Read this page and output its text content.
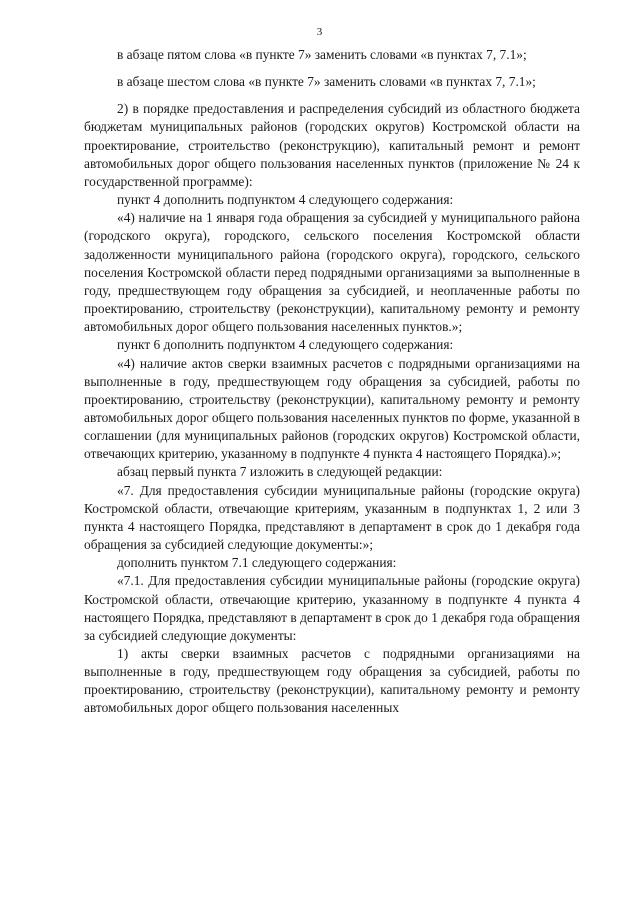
3

в абзаце пятом слова «в пункте 7» заменить словами «в пунктах 7, 7.1»;

в абзаце шестом слова «в пункте 7» заменить словами «в пунктах 7, 7.1»;

2) в порядке предоставления и распределения субсидий из областного бюджета бюджетам муниципальных районов (городских округов) Костромской области на проектирование, строительство (реконструкцию), капитальный ремонт и ремонт автомобильных дорог общего пользования населенных пунктов (приложение № 24 к государственной программе):

пункт 4 дополнить подпунктом 4 следующего содержания:

«4) наличие на 1 января года обращения за субсидией у муниципального района (городского округа), городского, сельского поселения Костромской области задолженности муниципального района (городского округа), городского, сельского поселения Костромской области перед подрядными организациями за выполненные в году, предшествующем году обращения за субсидией, и неоплаченные работы по проектированию, строительству (реконструкции), капитальному ремонту и ремонту автомобильных дорог общего пользования населенных пунктов.»;

пункт 6 дополнить подпунктом 4 следующего содержания:

«4) наличие актов сверки взаимных расчетов с подрядными организациями на выполненные в году, предшествующем году обращения за субсидией, работы по проектированию, строительству (реконструкции), капитальному ремонту и ремонту автомобильных дорог общего пользования населенных пунктов по форме, указанной в соглашении (для муниципальных районов (городских округов) Костромской области, отвечающих критерию, указанному в подпункте 4 пункта 4 настоящего Порядка).»;

абзац первый пункта 7 изложить в следующей редакции:

«7. Для предоставления субсидии муниципальные районы (городские округа) Костромской области, отвечающие критериям, указанным в подпунктах 1, 2 или 3 пункта 4 настоящего Порядка, представляют в департамент в срок до 1 декабря года обращения за субсидией следующие документы:»;

дополнить пунктом 7.1 следующего содержания:

«7.1. Для предоставления субсидии муниципальные районы (городские округа) Костромской области, отвечающие критерию, указанному в подпункте 4 пункта 4 настоящего Порядка, представляют в департамент в срок до 1 декабря года обращения за субсидией следующие документы:

1) акты сверки взаимных расчетов с подрядными организациями на выполненные в году, предшествующем году обращения за субсидией, работы по проектированию, строительству (реконструкции), капитальному ремонту и ремонту автомобильных дорог общего пользования населенных
